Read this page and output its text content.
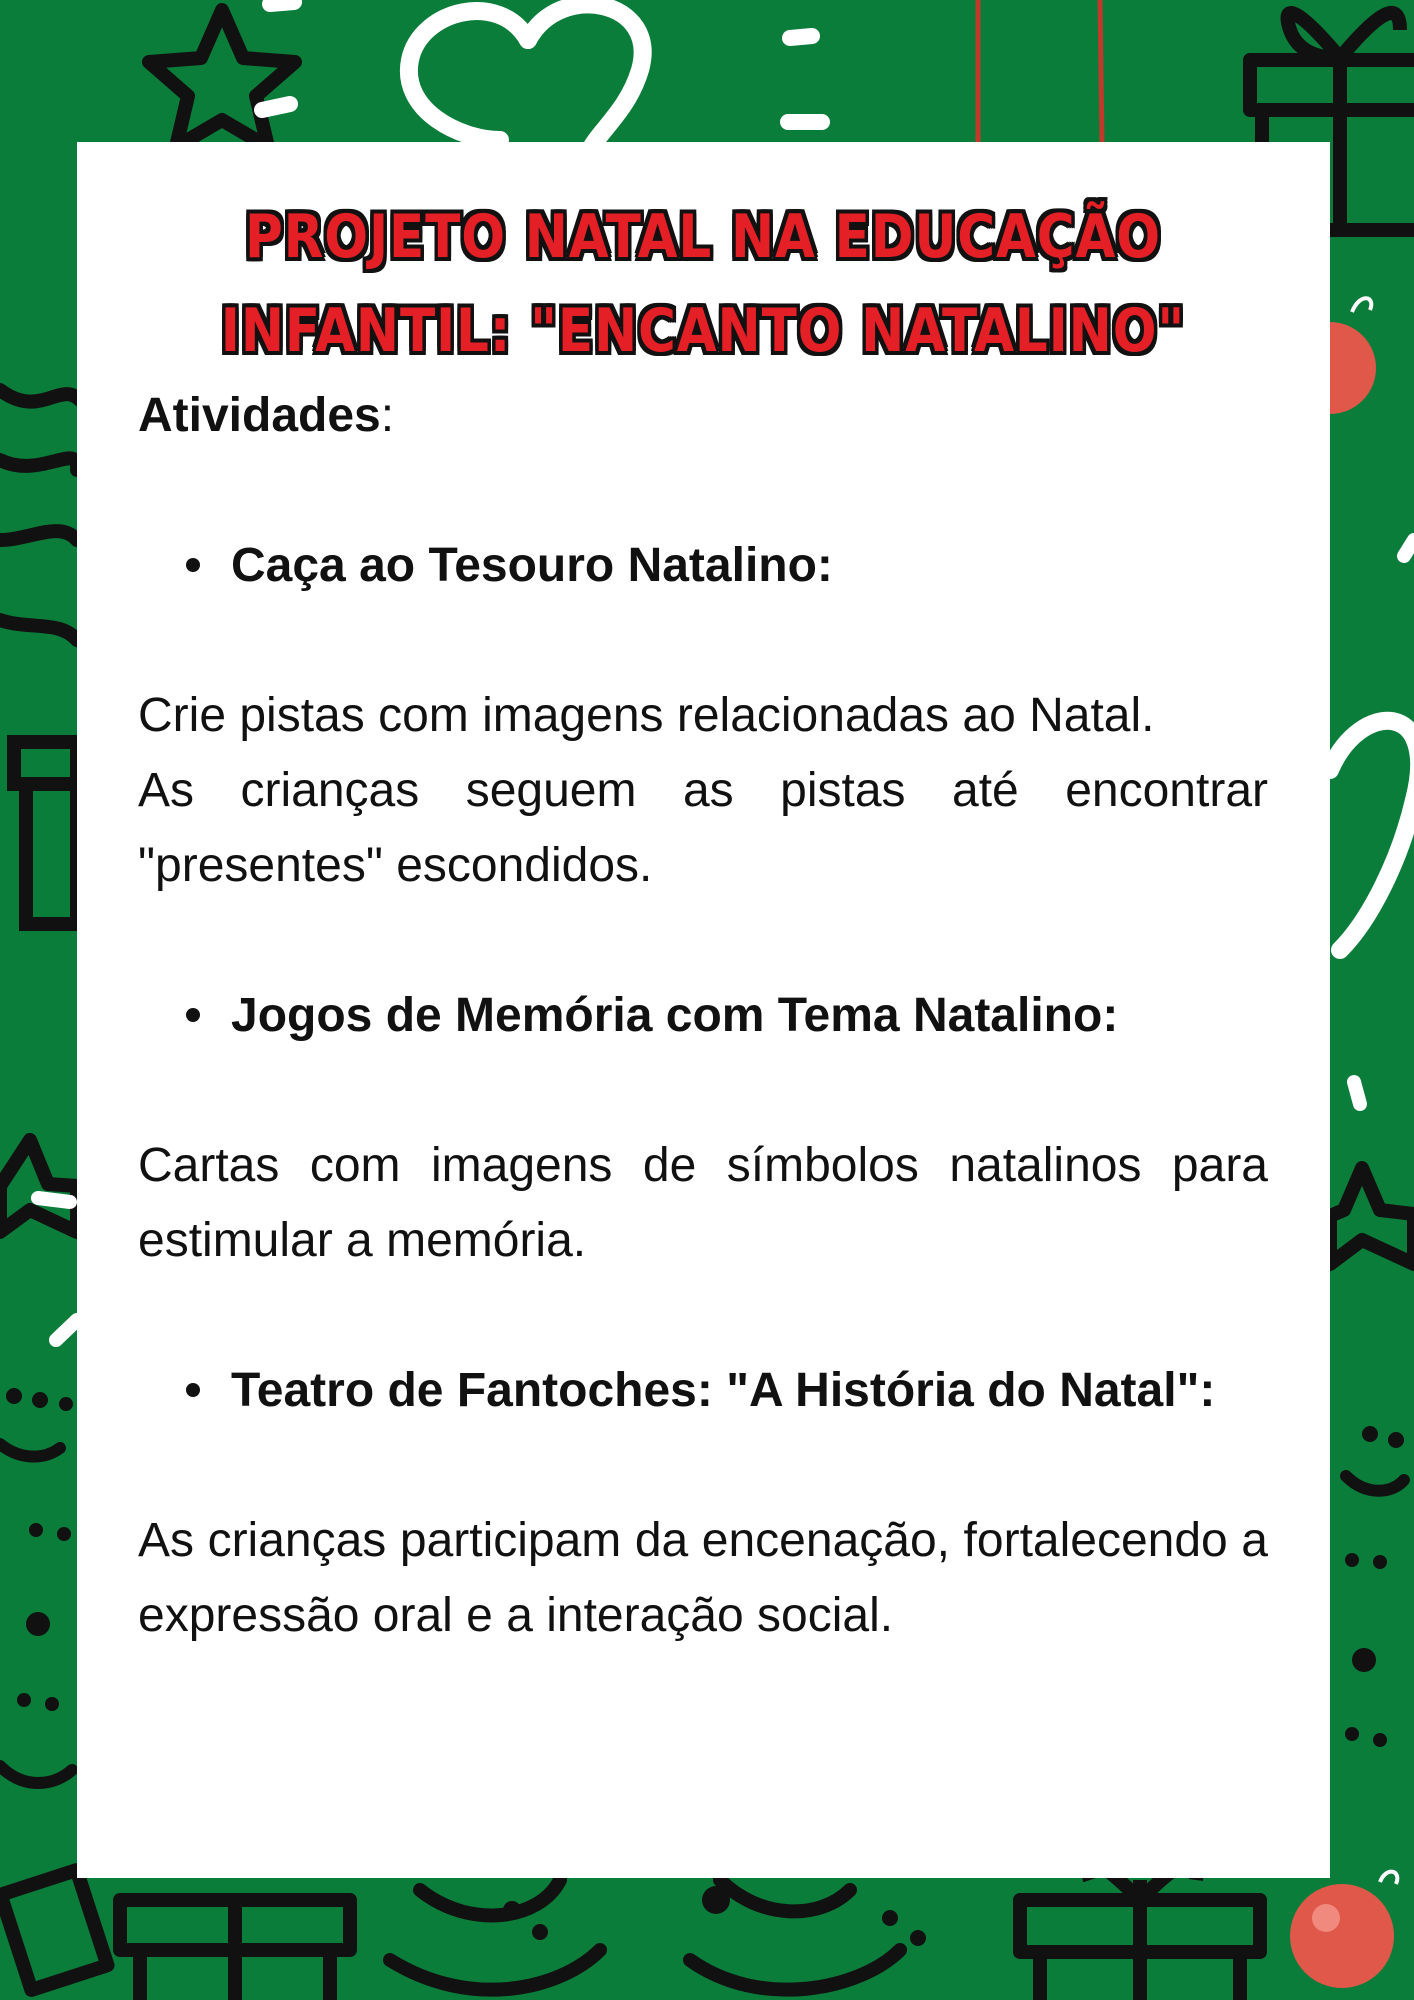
PROJETO NATAL NA EDUCAÇÃO INFANTIL: "ENCANTO NATALINO"

Atividades:

Caça ao Tesouro Natalino:

Crie pistas com imagens relacionadas ao Natal.

As crianças seguem as pistas até encontrar "presentes" escondidos.

Jogos de Memória com Tema Natalino:

Cartas com imagens de símbolos natalinos para estimular a memória.

Teatro de Fantoches: "A História do Natal":

As crianças participam da encenação, fortalecendo a expressão oral e a interação social.
